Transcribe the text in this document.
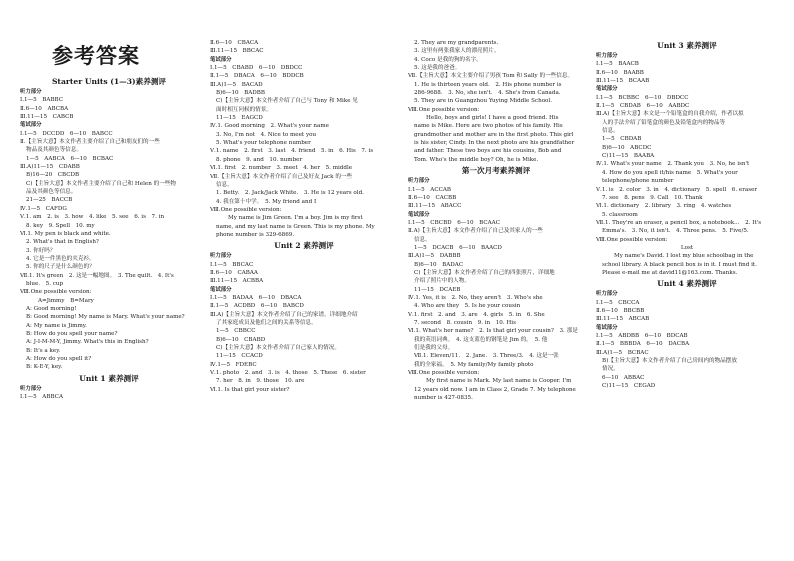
参考答案
Starter Units (1—3)素养测评
听力部分
Ⅰ.1—5　BABBC
Ⅱ.6—10　ABCBA
Ⅲ.11—15　CABCB
笔试部分
Ⅰ.1—5　DCCDD　6—10　BABCC
Ⅱ.【主旨大意】本文作者主要介绍了自己和朋友们的一些
物品及其颜色等信息。
1—5　AABCA　6—10　BCBAC
Ⅲ.A)11—15　CDABB
B)16—20　CBCDB
C)【主旨大意】本文作者主要介绍了自己和 Helen 的一些物
品及其颜色等信息。
21—25　BACCB
Ⅳ.1—5　CAFDG
Ⅴ.1. am　2. is　3. how　4. like　5. see　6. is　7. in
8. key　9. Spell　10. my
Ⅵ.1. My pen is black and white.
2. What's that in English?
3. 你好吗？
4. 它是一件黑色的夹克衫。
5. 你的尺子是什么颜色的？
Ⅶ.1. It's green　2. 这是一幅地图。　3. The quilt.　4. It's
blue.　5. cup
Ⅷ.One possible version:
A=Jimmy　B=Mary
A: Good morning!
B: Good morning! My name is Mary. What's your name?
A: My name is Jimmy.
B: How do you spell your name?
A: J-I-M-M-Y, Jimmy. What's this in English?
B: It's a key.
A: How do you spell it?
B: K-E-Y, key.
Unit 1 素养测评
听力部分
Ⅰ.1—5　ABBCA
Ⅱ.6—10　CBACA
Ⅲ.11—15　BBCAC
笔试部分
Ⅰ.1—5　CBABD　6—10　DBDCC
Ⅱ.1—5　DBACA　6—10　BDDCB
Ⅲ.A)1—5　BACAD
B)6—10　BADBB
C)【主旨大意】本文作者介绍了自己与 Tony 和 Mike 见
面时相互问候的情景。
11—15　EAGCD
Ⅳ.1. Good morning　2. What's your name
3. No, I'm not　4. Nice to meet you
5. What's your telephone number
Ⅴ.1. name　2. first　3. last　4. friend　5. in　6. His　7. is
8. phone　9. and　10. number
Ⅵ.1. first　2. number　3. meet　4. her　5. middle
Ⅶ.【主旨大意】本文作者介绍了自己及好友 Jack 的一些
信息。
1. Betty.　2. Jack/Jack White.　3. He is 12 years old.
4. 我在第十中学。　5. My friend and I
Ⅷ.One possible version:
My name is Jim Green. I'm a boy. Jim is my first
name, and my last name is Green. This is my phone. My
phone number is 329-6869.
Unit 2 素养测评
听力部分
Ⅰ.1—5　BBCAC
Ⅱ.6—10　CABAA
Ⅲ.11—15　ACBBA
笔试部分
Ⅰ.1—5　BADAA　6—10　DBACA
Ⅱ.1—5　ACDBD　6—10　BABCD
Ⅲ.A)【主旨大意】本文作者介绍了自己的家谱，详细地介绍
了其家庭成员及他们之间的关系等信息。
1—5　CBBCC
B)6—10　CBABD
C)【主旨大意】本文作者介绍了自己家人的情况。
11—15　CCACD
Ⅳ.1—5　FDEBC
Ⅴ.1. photo　2. and　3. is　4. those　5. These　6. sister
7. her　8. in　9. those　10. are
Ⅵ.1. Is that girl your sister?
2. They are my grandparents.
3. 这里有两张我家人的漂亮照片。
4. Coco 是我的狗的名字。
5. 这是我的爸爸。
Ⅶ.【主旨大意】本文主要介绍了男孩 Tom 和 Sally 的一些信息。
1. He is thirteen years old.　2. His phone number is
286-9688.　3. No, she isn't.　4. She's from Canada.
5. They are in Guangzhou Yuying Middle School.
Ⅷ.One possible version:
Hello, boys and girls! I have a good friend. His
name is Mike. Here are two photos of his family. His
grandmother and mother are in the first photo. This girl
is his sister, Cindy. In the next photo are his grandfather
and father. These two boys are his cousins, Bob and
Tom. Who's the middle boy? Oh, he is Mike.
第一次月考素养测评
听力部分
Ⅰ.1—5　ACCAB
Ⅱ.6—10　CACBB
Ⅲ.11—15　ABACC
笔试部分
Ⅰ.1—5　CBCBD　6—10　BCAAC
Ⅱ.A)【主旨大意】本文作者介绍了自己及其家人的一些
信息。
1—5　DCACB　6—10　BAACD
Ⅲ.A)1—5　DABBB
B)6—10　BADAC
C)【主旨大意】本文作者介绍了自己的四张照片，详细地
介绍了照片中的人物。
11—15　DCAEB
Ⅳ.1. Yes, it is　2. No, they aren't　3. Who's she
4. Who are they　5. Is he your cousin
Ⅴ.1. first　2. and　3. are　4. girls　5. in　6. She
7. second　8. cousin　9. in　10. His
Ⅵ.1. What's her name?　2. Is that girl your cousin?　3. 那是
我的英语词典。　4. 这支蓝色的钢笔是 Jim 的。　5. 他
们是我的父母。
Ⅶ.1. Eleven/11.　2. Jane.　3. Three/3.　4. 这是一张
我的全家福。　5. My family/My family photo
Ⅷ.One possible version:
My first name is Mark. My last name is Cooper. I'm
12 years old now. I am in Class 2, Grade 7. My telephone
number is 427-0835.
Unit 3 素养测评
听力部分
Ⅰ.1—5　BAACB
Ⅱ.6—10　BAABB
Ⅲ.11—15　BCAAB
笔试部分
Ⅰ.1—5　BCBBC　6—10　DBDCC
Ⅱ.1—5　CBDAB　6—10　AABDC
Ⅲ.A)【主旨大意】本文是一个铅笔盒的自我介绍，作者以拟
人的手法介绍了铅笔盒的颜色及铅笔盒内的物品等
信息。
1—5　CBDAB
B)6—10　ABCDC
C)11—15　BAABA
Ⅳ.1. What's your name　2. Thank you　3. No, he isn't
4. How do you spell it/his name　5. What's your
telephone/phone number
Ⅴ.1. is　2. color　3. in　4. dictionary　5. spell　6. eraser
7. see　8. pens　9. Call　10. Thank
Ⅵ.1. dictionary　2. library　3. ring　4. watches
5. classroom
Ⅶ.1. They're an eraser, a pencil box, a notebook...　2. It's
Emma's.　3. No, it isn't.　4. Three pens.　5. Five/5.
Ⅷ.One possible version:
Lost
My name's David. I lost my blue schoolbag in the
school library. A black pencil box is in it. I must find it.
Please e-mail me at david11@163.com. Thanks.
Unit 4 素养测评
听力部分
Ⅰ.1—5　CBCCA
Ⅱ.6—10　BBCBB
Ⅲ.11—15　ABCAB
笔试部分
Ⅰ.1—5　ABDBB　6—10　BDCAB
Ⅱ.1—5　BBBDA　6—10　DACBA
Ⅲ.A)1—5　BCBAC
B)【主旨大意】本文作者介绍了自己房间内的物品摆放
情况。
6—10　ABBAC
C)11—15　CEGAD
